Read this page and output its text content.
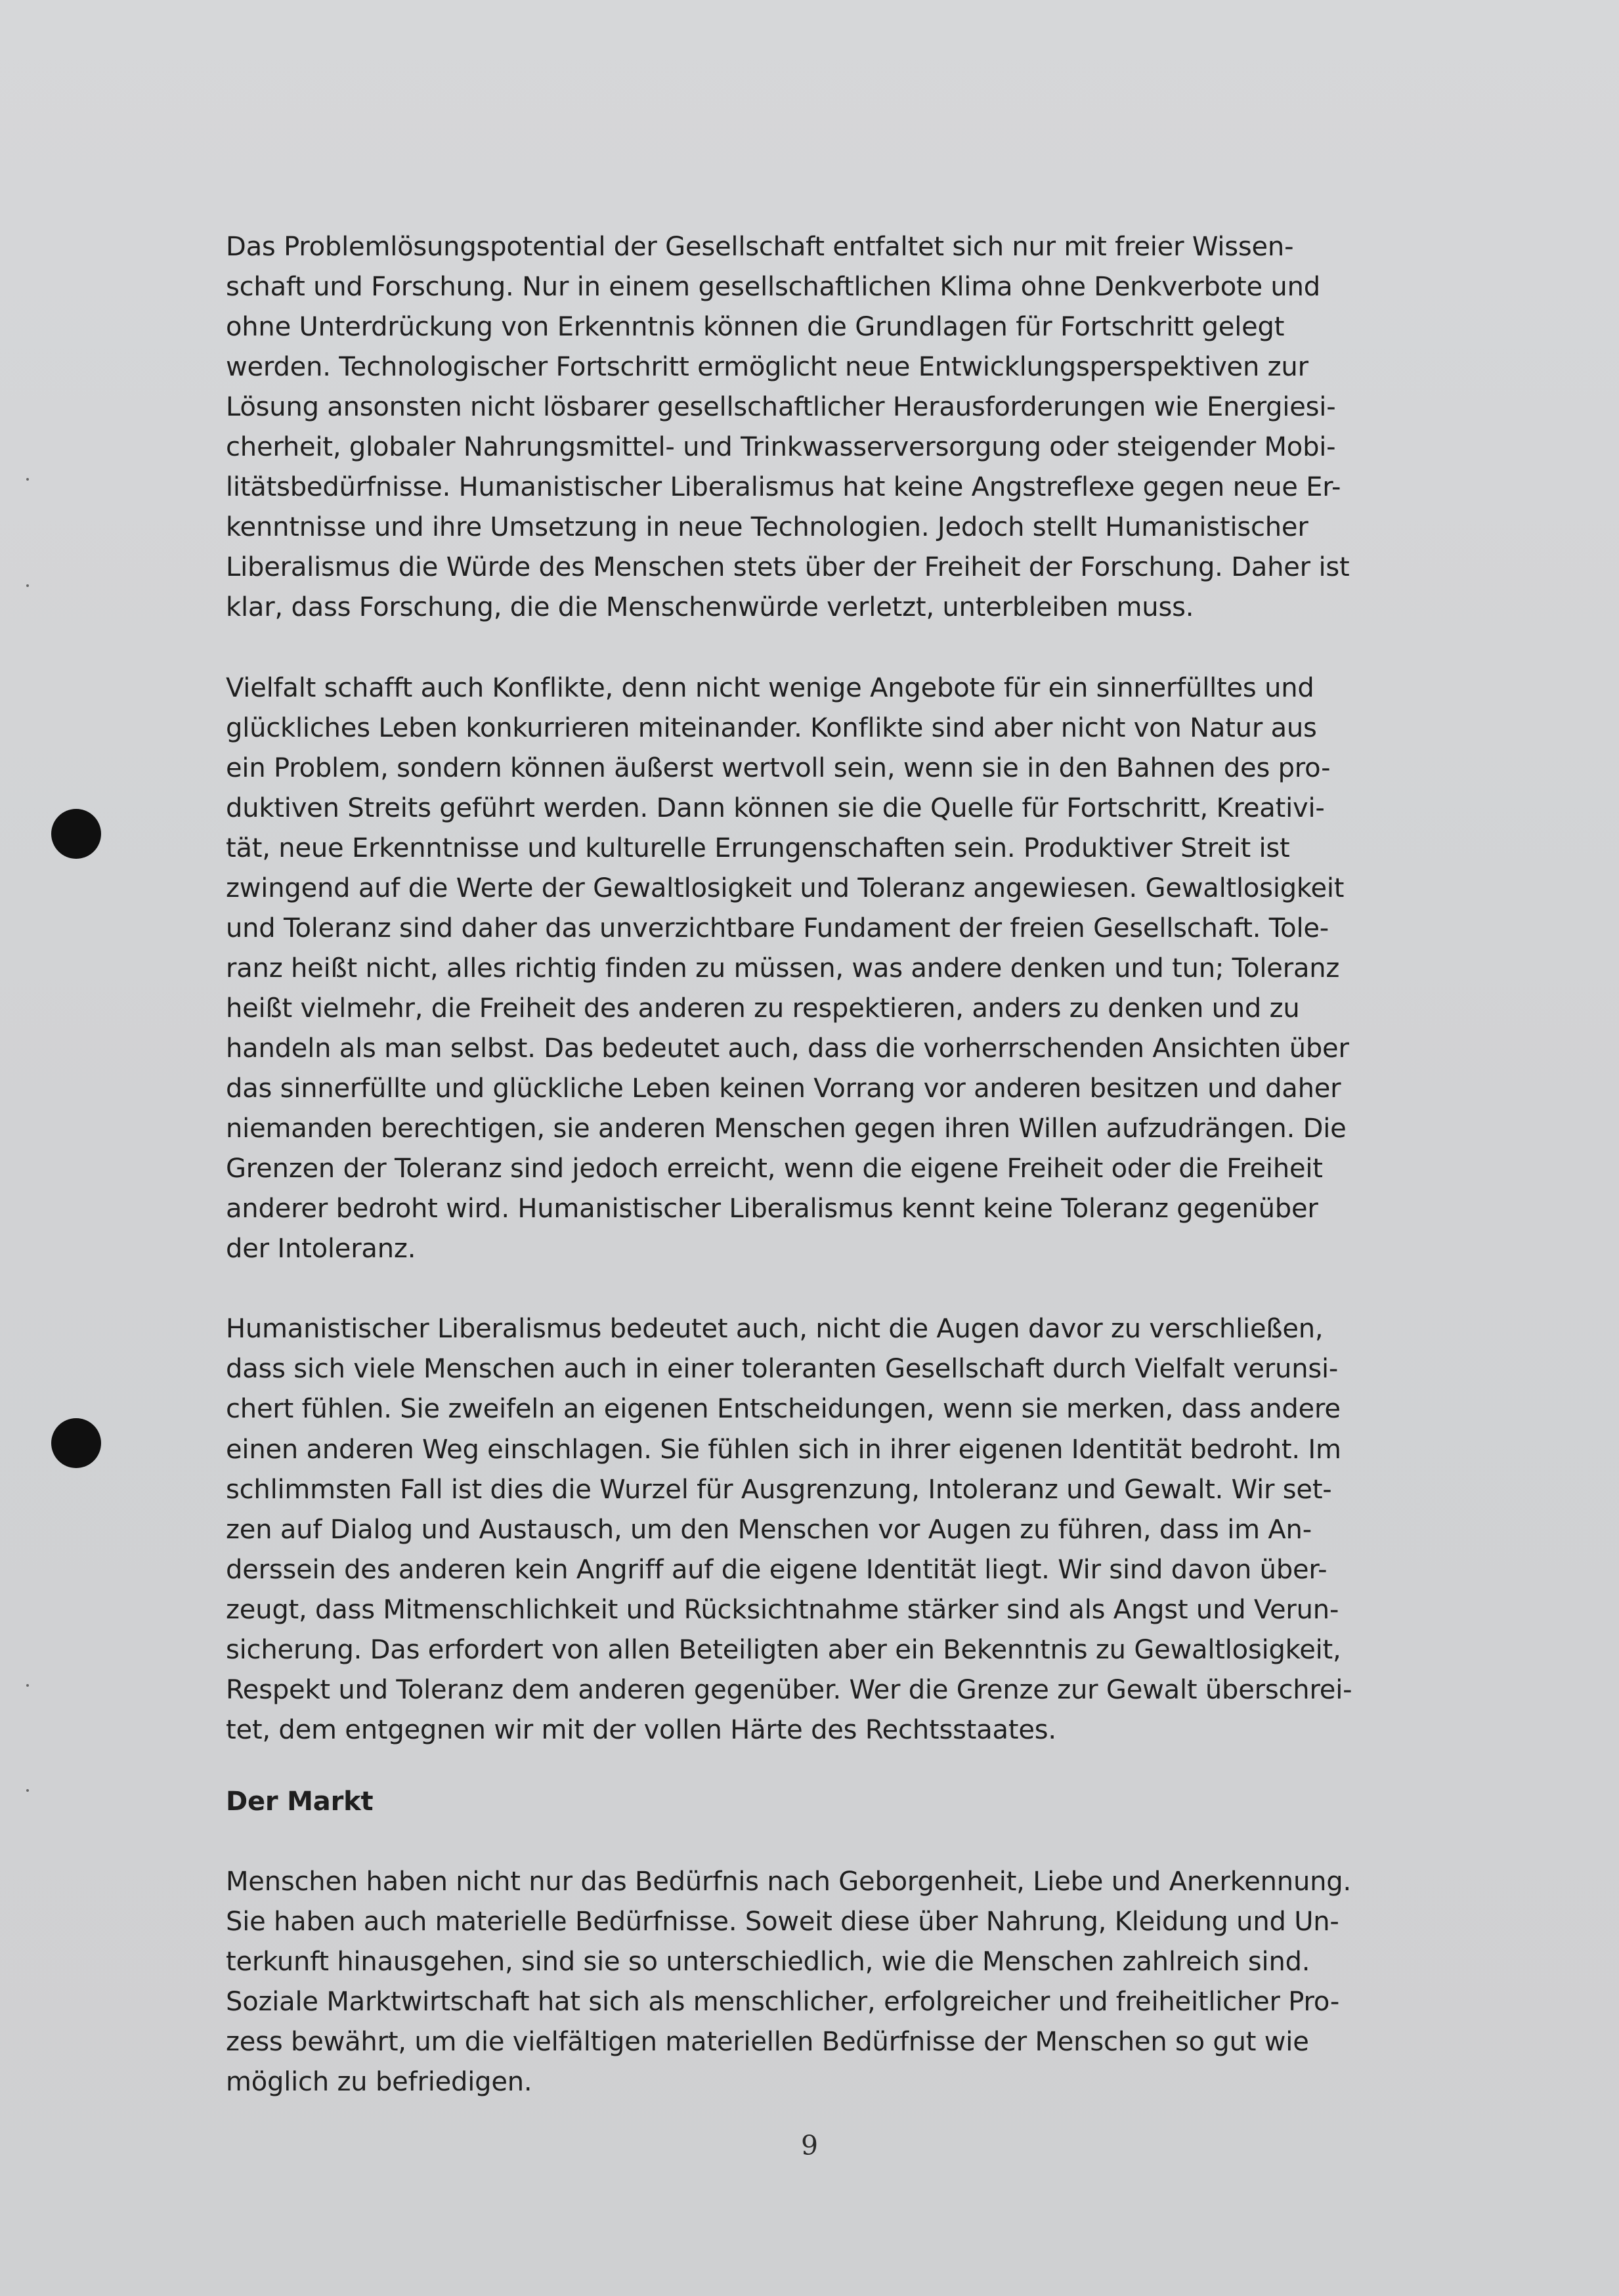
Das Problemlösungspotential der Gesellschaft entfaltet sich nur mit freier Wissen-
schaft und Forschung. Nur in einem gesellschaftlichen Klima ohne Denkverbote und
ohne Unterdrückung von Erkenntnis können die Grundlagen für Fortschritt gelegt
werden. Technologischer Fortschritt ermöglicht neue Entwicklungsperspektiven zur
Lösung ansonsten nicht lösbarer gesellschaftlicher Herausforderungen wie Energiesi-
cherheit, globaler Nahrungsmittel- und Trinkwasserversorgung oder steigender Mobi-
litätsbedürfnisse. Humanistischer Liberalismus hat keine Angstreflexe gegen neue Er-
kenntnisse und ihre Umsetzung in neue Technologien. Jedoch stellt Humanistischer
Liberalismus die Würde des Menschen stets über der Freiheit der Forschung. Daher ist
klar, dass Forschung, die die Menschenwürde verletzt, unterbleiben muss.
Vielfalt schafft auch Konflikte, denn nicht wenige Angebote für ein sinnerfülltes und
glückliches Leben konkurrieren miteinander. Konflikte sind aber nicht von Natur aus
ein Problem, sondern können äußerst wertvoll sein, wenn sie in den Bahnen des pro-
duktiven Streits geführt werden. Dann können sie die Quelle für Fortschritt, Kreativi-
tät, neue Erkenntnisse und kulturelle Errungenschaften sein. Produktiver Streit ist
zwingend auf die Werte der Gewaltlosigkeit und Toleranz angewiesen. Gewaltlosigkeit
und Toleranz sind daher das unverzichtbare Fundament der freien Gesellschaft. Tole-
ranz heißt nicht, alles richtig finden zu müssen, was andere denken und tun; Toleranz
heißt vielmehr, die Freiheit des anderen zu respektieren, anders zu denken und zu
handeln als man selbst. Das bedeutet auch, dass die vorherrschenden Ansichten über
das sinnerfüllte und glückliche Leben keinen Vorrang vor anderen besitzen und daher
niemanden berechtigen, sie anderen Menschen gegen ihren Willen aufzudrängen. Die
Grenzen der Toleranz sind jedoch erreicht, wenn die eigene Freiheit oder die Freiheit
anderer bedroht wird. Humanistischer Liberalismus kennt keine Toleranz gegenüber
der Intoleranz.
Humanistischer Liberalismus bedeutet auch, nicht die Augen davor zu verschließen,
dass sich viele Menschen auch in einer toleranten Gesellschaft durch Vielfalt verunsi-
chert fühlen. Sie zweifeln an eigenen Entscheidungen, wenn sie merken, dass andere
einen anderen Weg einschlagen. Sie fühlen sich in ihrer eigenen Identität bedroht. Im
schlimmsten Fall ist dies die Wurzel für Ausgrenzung, Intoleranz und Gewalt. Wir set-
zen auf Dialog und Austausch, um den Menschen vor Augen zu führen, dass im An-
derssein des anderen kein Angriff auf die eigene Identität liegt. Wir sind davon über-
zeugt, dass Mitmenschlichkeit und Rücksichtnahme stärker sind als Angst und Verun-
sicherung. Das erfordert von allen Beteiligten aber ein Bekenntnis zu Gewaltlosigkeit,
Respekt und Toleranz dem anderen gegenüber. Wer die Grenze zur Gewalt überschrei-
tet, dem entgegnen wir mit der vollen Härte des Rechtsstaates.
Der Markt
Menschen haben nicht nur das Bedürfnis nach Geborgenheit, Liebe und Anerkennung.
Sie haben auch materielle Bedürfnisse. Soweit diese über Nahrung, Kleidung und Un-
terkunft hinausgehen, sind sie so unterschiedlich, wie die Menschen zahlreich sind.
Soziale Marktwirtschaft hat sich als menschlicher, erfolgreicher und freiheitlicher Pro-
zess bewährt, um die vielfältigen materiellen Bedürfnisse der Menschen so gut wie
möglich zu befriedigen.
9
